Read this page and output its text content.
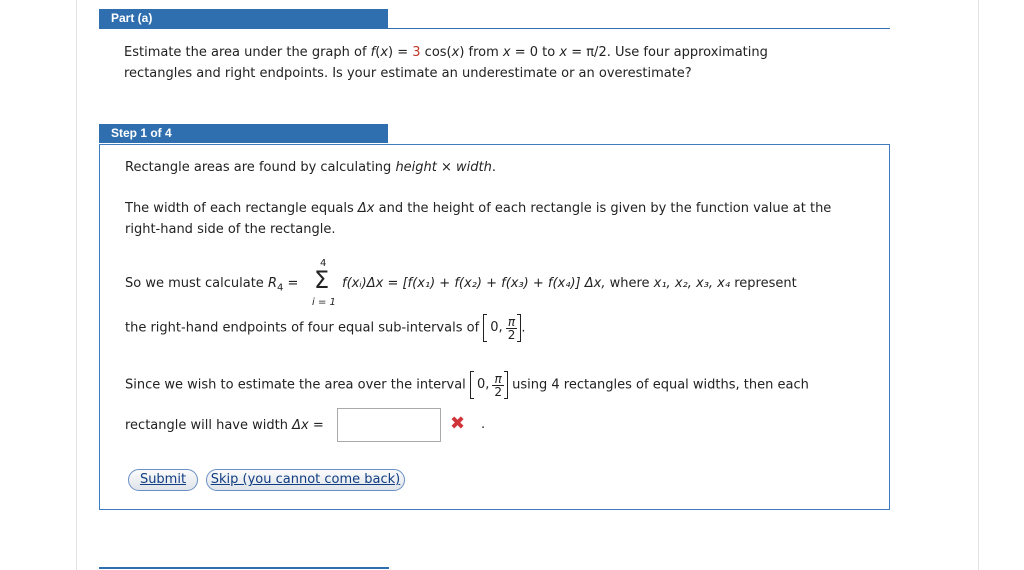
Part (a)
Estimate the area under the graph of f(x) = 3 cos(x) from x = 0 to x = π/2. Use four approximating
rectangles and right endpoints. Is your estimate an underestimate or an overestimate?
Step 1 of 4
Rectangle areas are found by calculating height × width.
The width of each rectangle equals Δx and the height of each rectangle is given by the function value at the
right-hand side of the rectangle.
4
Σ
i = 1
So we must calculate $R_4$ =	f(xᵢ)Δx = [f(x₁) + f(x₂) + f(x₃) + f(x₄)] Δx, where x₁, x₂, x₃, x₄ represent
the right-hand endpoints of four equal sub-intervals of 0, $\frac{\pi}{2}$ .
Since we wish to estimate the area over the interval 0, $\frac{\pi}{2}$ using 4 rectangles of equal widths, then each
rectangle will have width Δx =	✖ .
Submit	Skip (you cannot come back)
